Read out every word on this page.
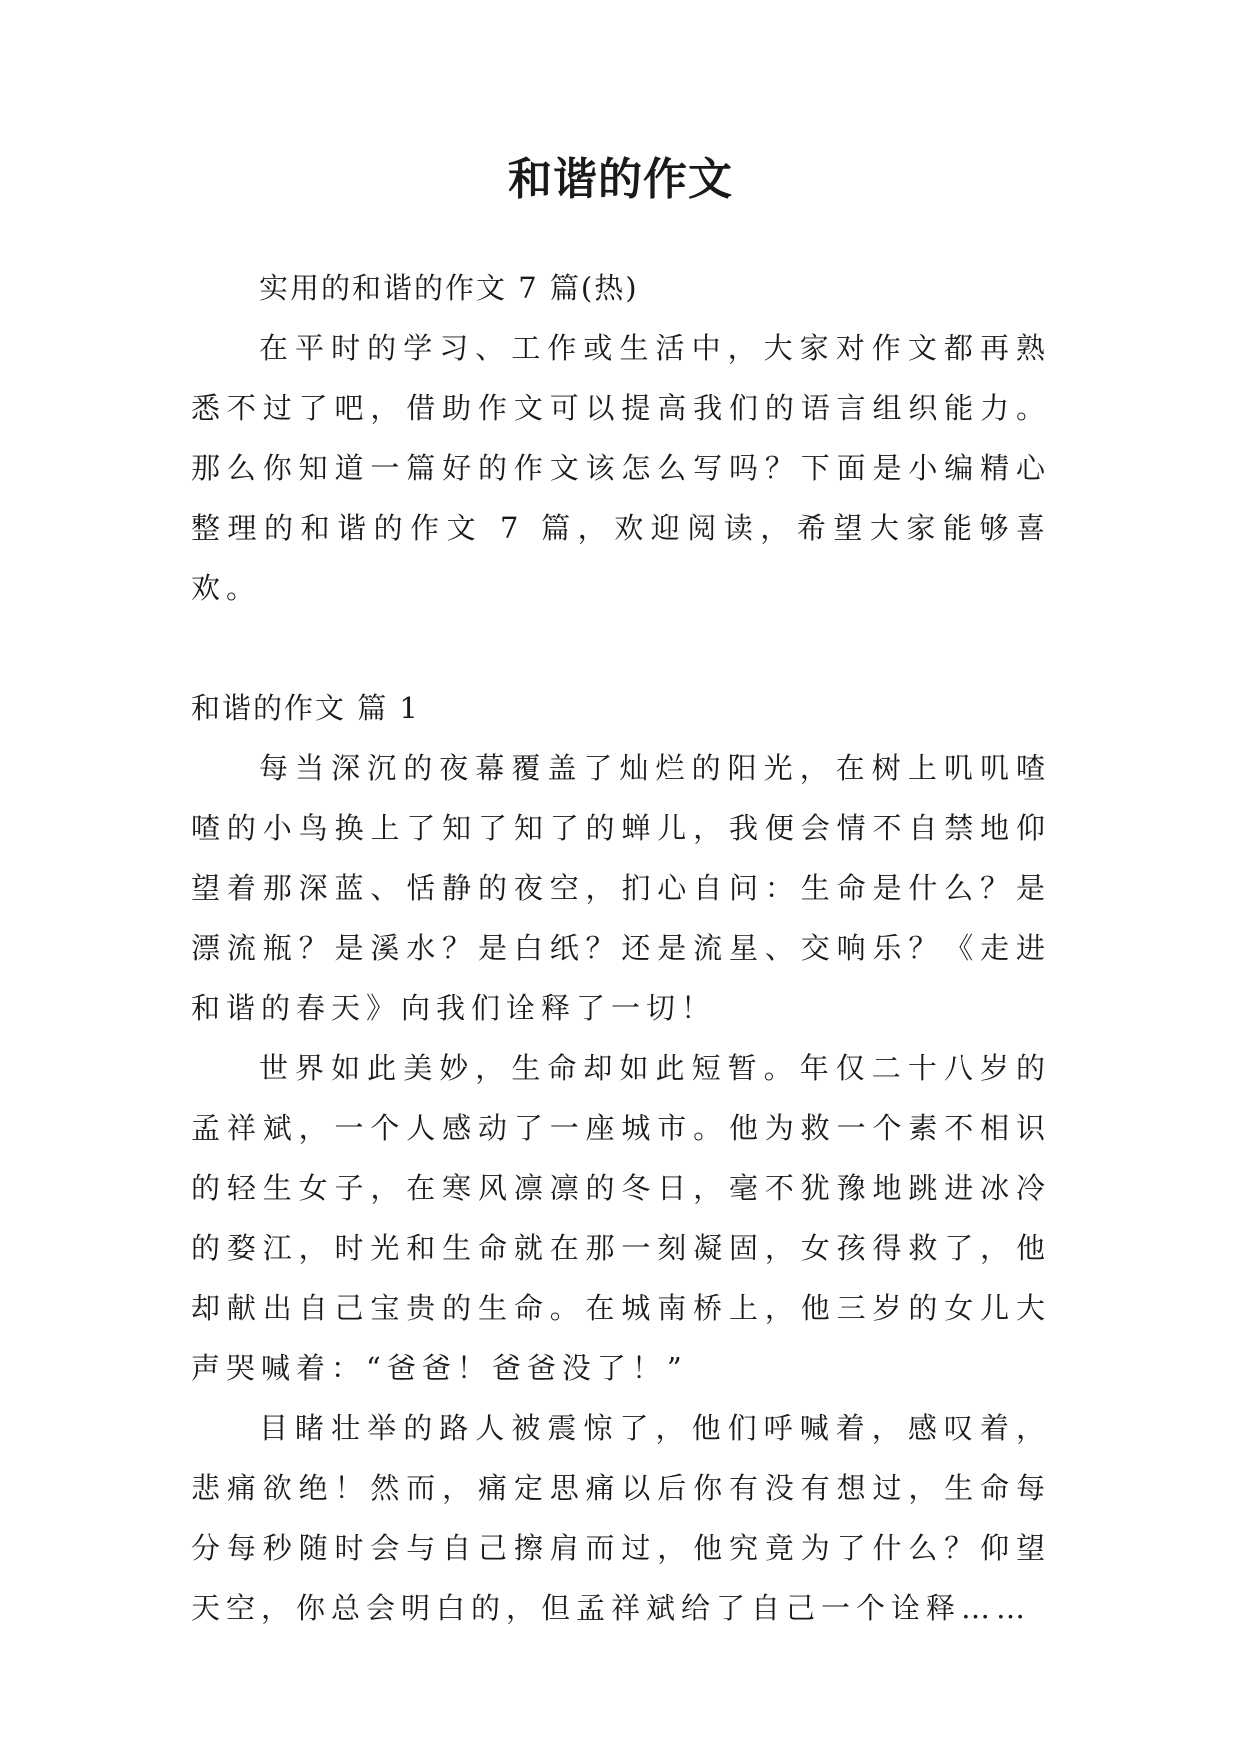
和谐的作文

实用的和谐的作文 7 篇(热)

在平时的学习、工作或生活中，大家对作文都再熟悉不过了吧，借助作文可以提高我们的语言组织能力。那么你知道一篇好的作文该怎么写吗？下面是小编精心整理的和谐的作文 7 篇，欢迎阅读，希望大家能够喜欢。

和谐的作文 篇 1

每当深沉的夜幕覆盖了灿烂的阳光，在树上叽叽喳喳的小鸟换上了知了知了的蝉儿，我便会情不自禁地仰望着那深蓝、恬静的夜空，扪心自问：生命是什么？是漂流瓶？是溪水？是白纸？还是流星、交响乐？《走进和谐的春天》向我们诠释了一切！

世界如此美妙，生命却如此短暂。年仅二十八岁的孟祥斌，一个人感动了一座城市。他为救一个素不相识的轻生女子，在寒风凛凛的冬日，毫不犹豫地跳进冰冷的婺江，时光和生命就在那一刻凝固，女孩得救了，他却献出自己宝贵的生命。在城南桥上，他三岁的女儿大声哭喊着：“爸爸！爸爸没了！”

目睹壮举的路人被震惊了，他们呼喊着，感叹着，悲痛欲绝！然而，痛定思痛以后你有没有想过，生命每分每秒随时会与自己擦肩而过，他究竟为了什么？仰望天空，你总会明白的，但孟祥斌给了自己一个诠释……
